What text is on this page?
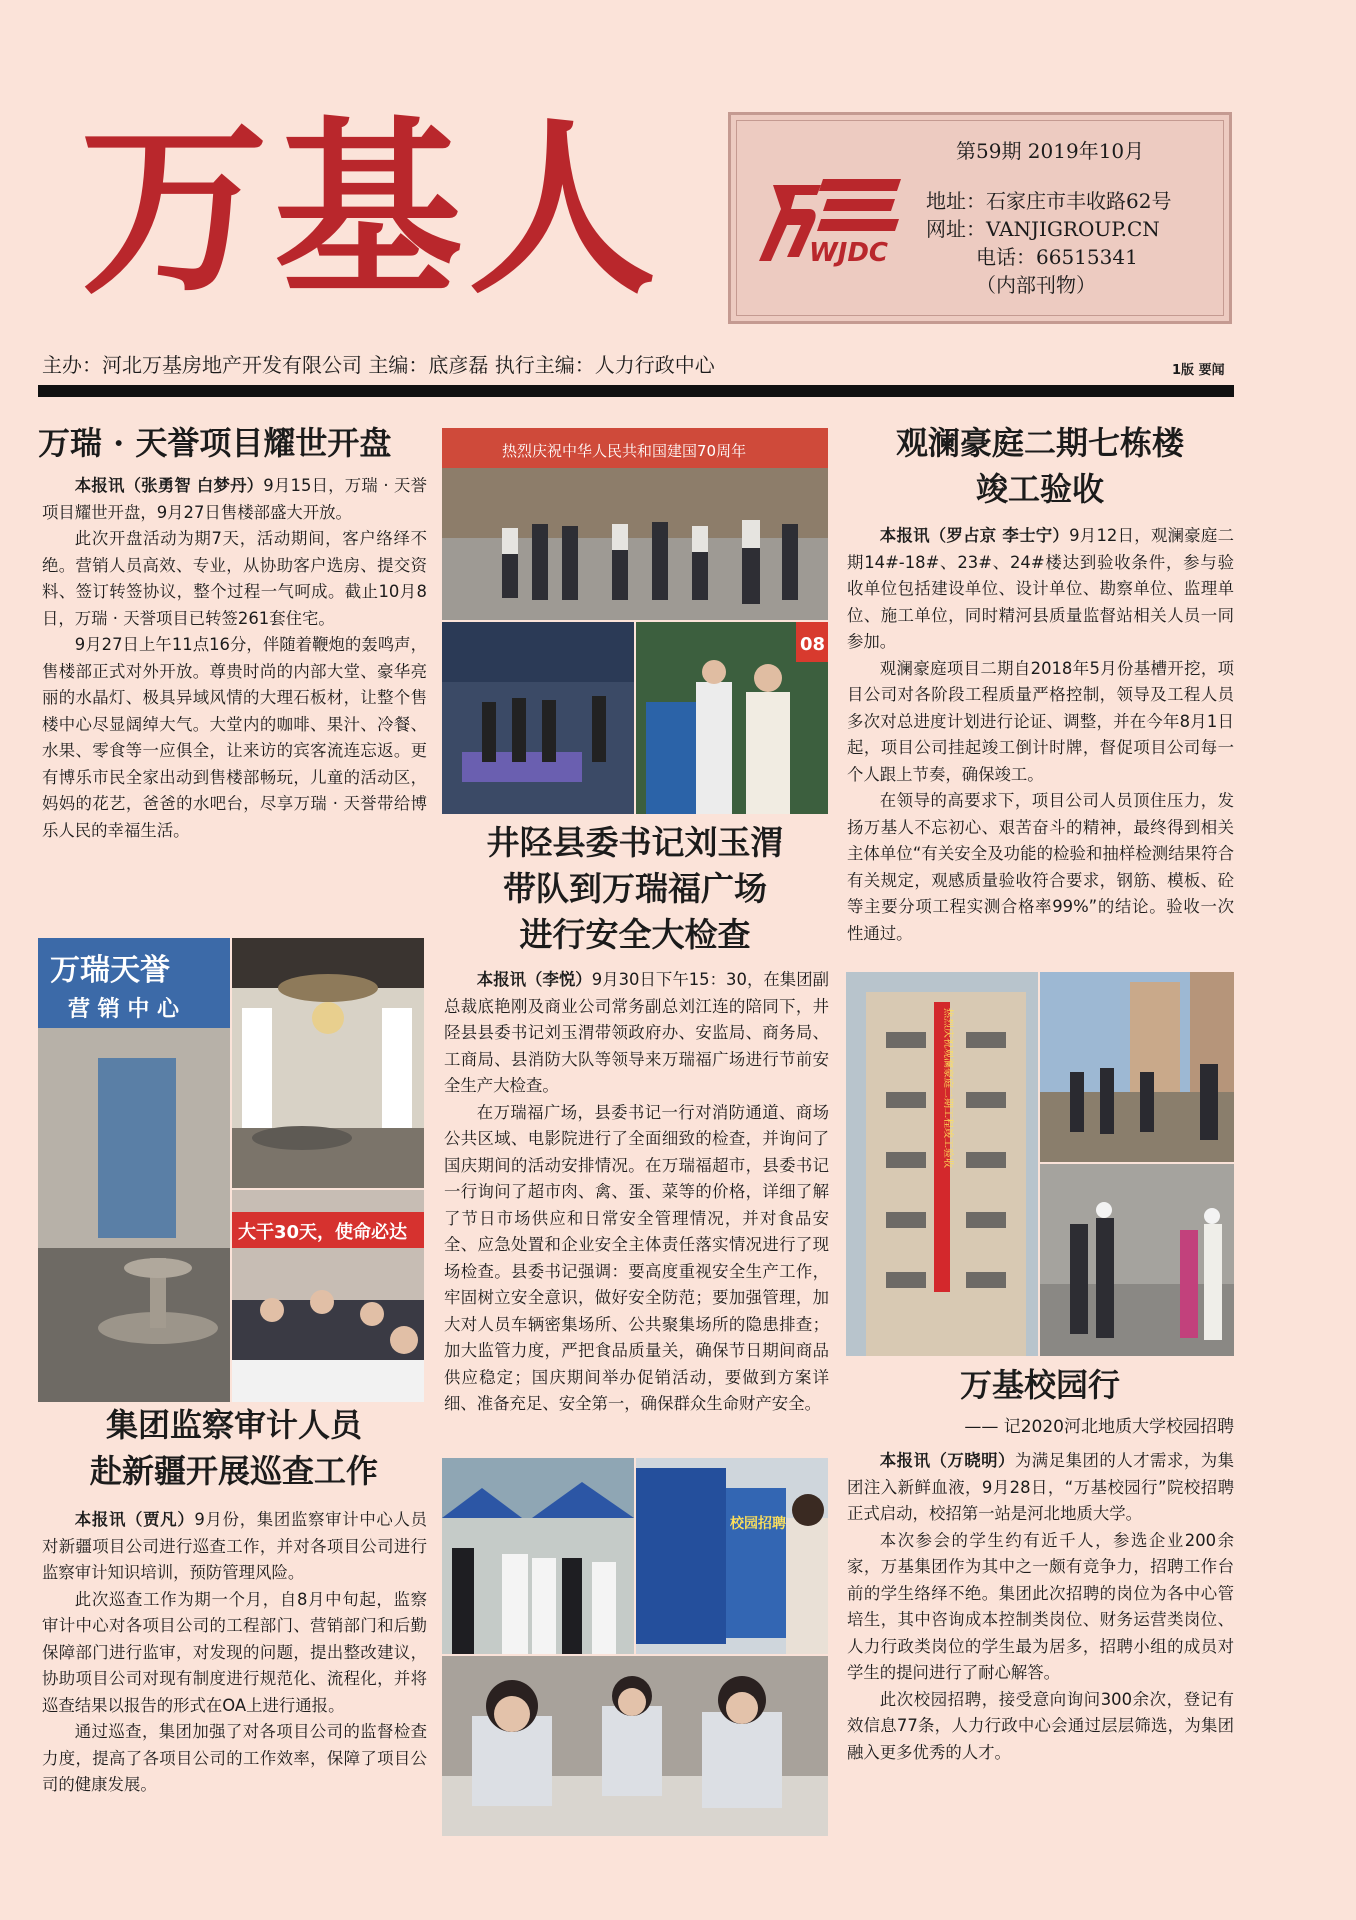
万基人	WJDC
第59期 2019年10月
地址：石家庄市丰收路62号
网址：VANJIGROUP.CN
电话：66515341
（内部刊物）
主办：河北万基房地产开发有限公司 主编：底彦磊 执行主编：人力行政中心	1版 要闻
万瑞 · 天誉项目耀世开盘

本报讯（张勇智 白梦丹）9月15日，万瑞 · 天誉项目耀世开盘，9月27日售楼部盛大开放。

此次开盘活动为期7天，活动期间，客户络绎不绝。营销人员高效、专业，从协助客户选房、提交资料、签订转签协议，整个过程一气呵成。截止10月8日，万瑞 · 天誉项目已转签261套住宅。

9月27日上午11点16分，伴随着鞭炮的轰鸣声，售楼部正式对外开放。尊贵时尚的内部大堂、豪华亮丽的水晶灯、极具异域风情的大理石板材，让整个售楼中心尽显阔绰大气。大堂内的咖啡、果汁、冷餐、水果、零食等一应俱全，让来访的宾客流连忘返。更有博乐市民全家出动到售楼部畅玩，儿童的活动区，妈妈的花艺，爸爸的水吧台，尽享万瑞 · 天誉带给博乐人民的幸福生活。

万瑞天誉
营 销 中 心
大干30天，使命必达
集团监察审计人员
赴新疆开展巡查工作

本报讯（贾凡）9月份，集团监察审计中心人员对新疆项目公司进行巡查工作，并对各项目公司进行监察审计知识培训，预防管理风险。

此次巡查工作为期一个月，自8月中旬起，监察审计中心对各项目公司的工程部门、营销部门和后勤保障部门进行监审，对发现的问题，提出整改建议，协助项目公司对现有制度进行规范化、流程化，并将巡查结果以报告的形式在OA上进行通报。

通过巡查，集团加强了对各项目公司的监督检查力度，提高了各项目公司的工作效率，保障了项目公司的健康发展。

热烈庆祝中华人民共和国建国70周年
08
井陉县委书记刘玉渭
带队到万瑞福广场
进行安全大检查

本报讯（李悦）9月30日下午15：30，在集团副总裁底艳刚及商业公司常务副总刘江连的陪同下，井陉县县委书记刘玉渭带领政府办、安监局、商务局、工商局、县消防大队等领导来万瑞福广场进行节前安全生产大检查。

在万瑞福广场，县委书记一行对消防通道、商场公共区域、电影院进行了全面细致的检查，并询问了国庆期间的活动安排情况。在万瑞福超市，县委书记一行询问了超市肉、禽、蛋、菜等的价格，详细了解了节日市场供应和日常安全管理情况，并对食品安全、应急处置和企业安全主体责任落实情况进行了现场检查。县委书记强调：要高度重视安全生产工作，牢固树立安全意识，做好安全防范；要加强管理，加大对人员车辆密集场所、公共聚集场所的隐患排查；加大监管力度，严把食品质量关，确保节日期间商品供应稳定；国庆期间举办促销活动，要做到方案详细、准备充足、安全第一，确保群众生命财产安全。

校园招聘
观澜豪庭二期七栋楼
竣工验收

本报讯（罗占京 李士宁）9月12日，观澜豪庭二期14#-18#、23#、24#楼达到验收条件，参与验收单位包括建设单位、设计单位、勘察单位、监理单位、施工单位，同时精河县质量监督站相关人员一同参加。

观澜豪庭项目二期自2018年5月份基槽开挖，项目公司对各阶段工程质量严格控制，领导及工程人员多次对总进度计划进行论证、调整，并在今年8月1日起，项目公司挂起竣工倒计时牌，督促项目公司每一个人跟上节奏，确保竣工。

在领导的高要求下，项目公司人员顶住压力，发扬万基人不忘初心、艰苦奋斗的精神，最终得到相关主体单位“有关安全及功能的检验和抽样检测结果符合有关规定，观感质量验收符合要求，钢筋、模板、砼等主要分项工程实测合格率99%”的结论。验收一次性通过。

热烈庆祝观澜豪庭二期工程竣工验收
万基校园行
—— 记2020河北地质大学校园招聘

本报讯（万晓明）为满足集团的人才需求，为集团注入新鲜血液，9月28日，“万基校园行”院校招聘正式启动，校招第一站是河北地质大学。

本次参会的学生约有近千人，参选企业200余家，万基集团作为其中之一颇有竞争力，招聘工作台前的学生络绎不绝。集团此次招聘的岗位为各中心管培生，其中咨询成本控制类岗位、财务运营类岗位、人力行政类岗位的学生最为居多，招聘小组的成员对学生的提问进行了耐心解答。

此次校园招聘，接受意向询问300余次，登记有效信息77条，人力行政中心会通过层层筛选，为集团融入更多优秀的人才。
